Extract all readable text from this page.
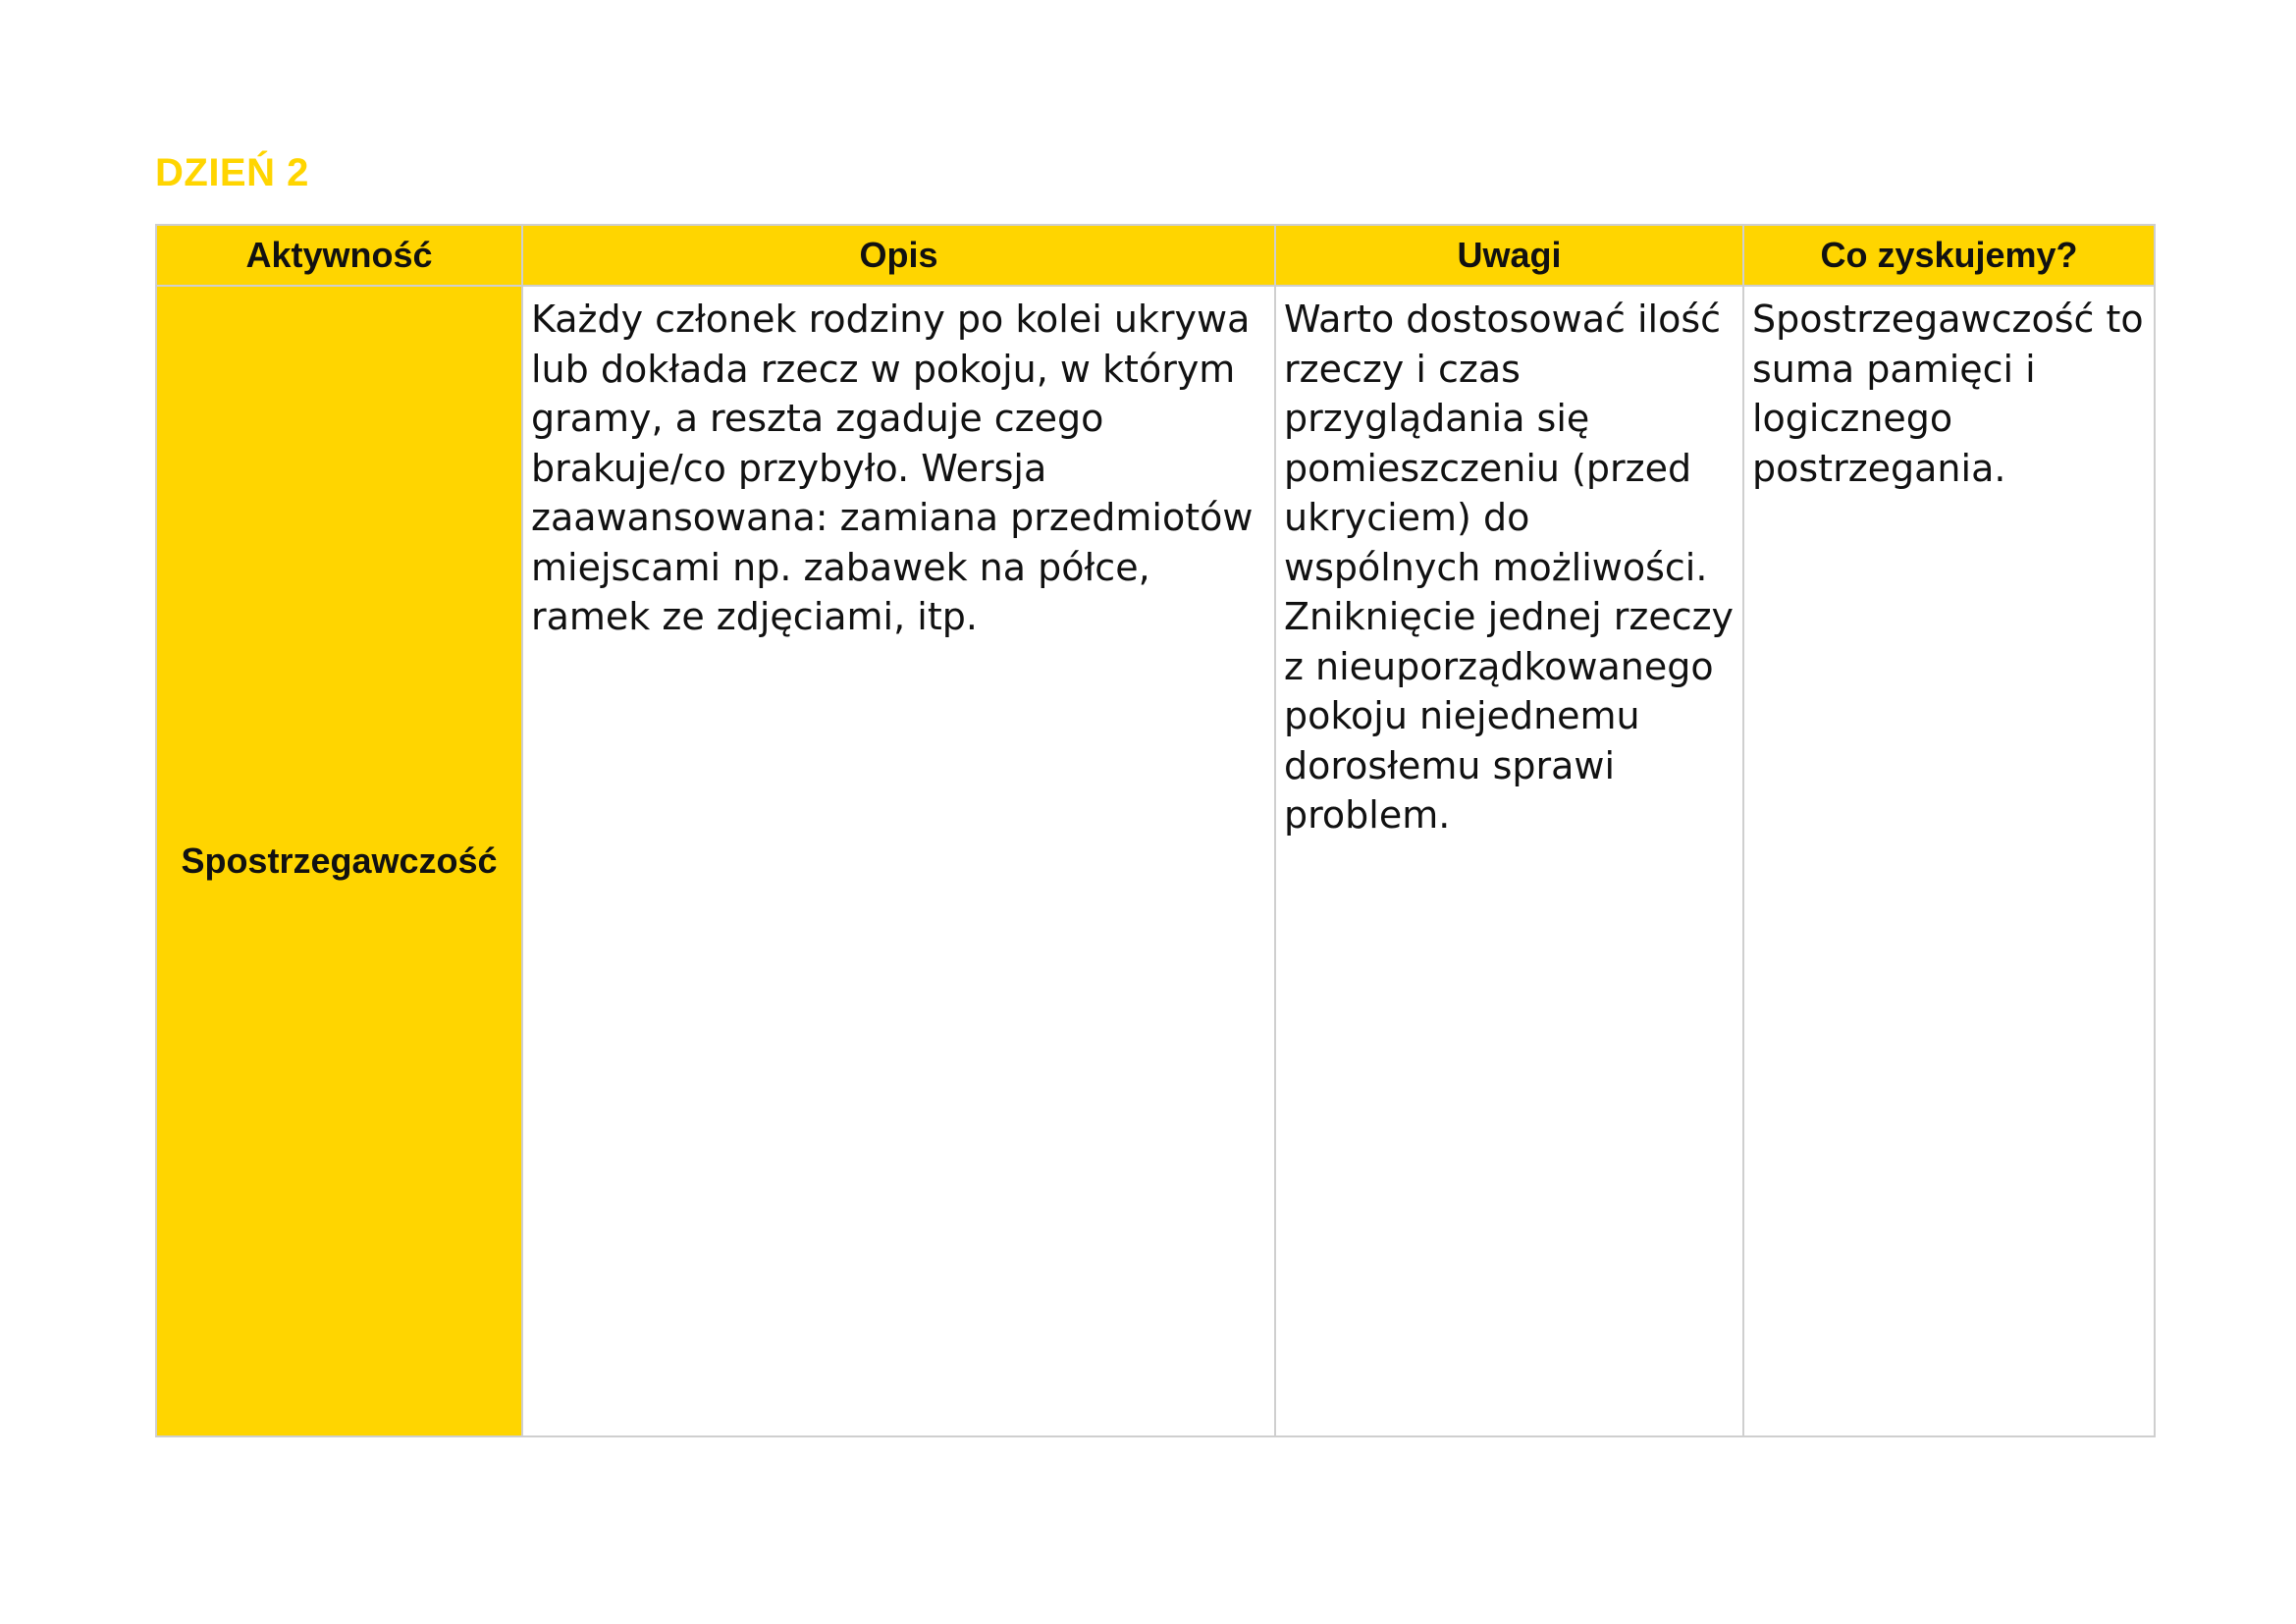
DZIEŃ 2
Aktywność	Opis	Uwagi	Co zyskujemy?
Spostrzegawczość	Każdy członek rodziny po kolei ukrywa lub dokłada rzecz w pokoju, w którym gramy, a reszta zgaduje czego brakuje/co przybyło. Wersja zaawansowana: zamiana przedmiotów miejscami np. zabawek na półce, ramek ze zdjęciami, itp.	Warto dostosować ilość rzeczy i czas przyglądania się pomieszczeniu (przed ukryciem) do wspólnych możliwości. Zniknięcie jednej rzeczy z nieuporządkowanego pokoju niejednemu dorosłemu sprawi problem.	Spostrzegawczość to suma pamięci i logicznego postrzegania.
